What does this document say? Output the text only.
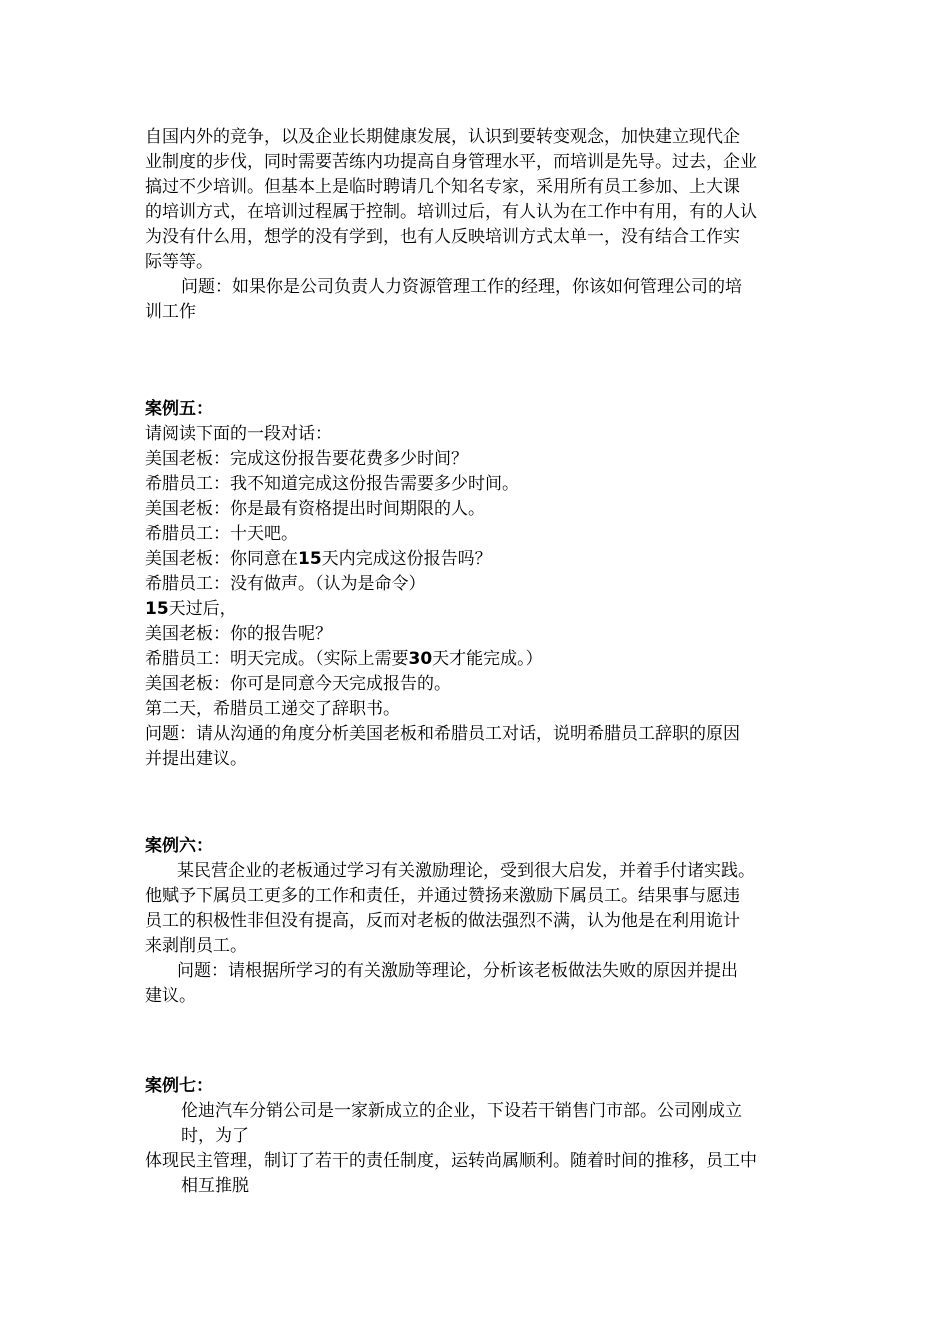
自国内外的竞争，以及企业长期健康发展，认识到要转变观念，加快建立现代企
业制度的步伐，同时需要苦练内功提高自身管理水平，而培训是先导。过去，企业
搞过不少培训。但基本上是临时聘请几个知名专家，采用所有员工参加、上大课
的培训方式，在培训过程属于控制。培训过后，有人认为在工作中有用，有的人认
为没有什么用，想学的没有学到，也有人反映培训方式太单一，没有结合工作实
际等等。
问题：如果你是公司负责人力资源管理工作的经理，你该如何管理公司的培
训工作
案例五：
请阅读下面的一段对话：
美国老板：完成这份报告要花费多少时间？
希腊员工：我不知道完成这份报告需要多少时间。
美国老板：你是最有资格提出时间期限的人。
希腊员工：十天吧。
美国老板：你同意在15天内完成这份报告吗？
希腊员工：没有做声。（认为是命令）
15天过后，
美国老板：你的报告呢？
希腊员工：明天完成。（实际上需要30天才能完成。）
美国老板：你可是同意今天完成报告的。
第二天，希腊员工递交了辞职书。
问题：请从沟通的角度分析美国老板和希腊员工对话，说明希腊员工辞职的原因
并提出建议。
案例六：
某民营企业的老板通过学习有关激励理论，受到很大启发，并着手付诸实践。
他赋予下属员工更多的工作和责任，并通过赞扬来激励下属员工。结果事与愿违
员工的积极性非但没有提高，反而对老板的做法强烈不满，认为他是在利用诡计
来剥削员工。
问题：请根据所学习的有关激励等理论，分析该老板做法失败的原因并提出
建议。
案例七：
伦迪汽车分销公司是一家新成立的企业，下设若干销售门市部。公司刚成立
时，为了
体现民主管理，制订了若干的责任制度，运转尚属顺利。随着时间的推移，员工中
相互推脱
